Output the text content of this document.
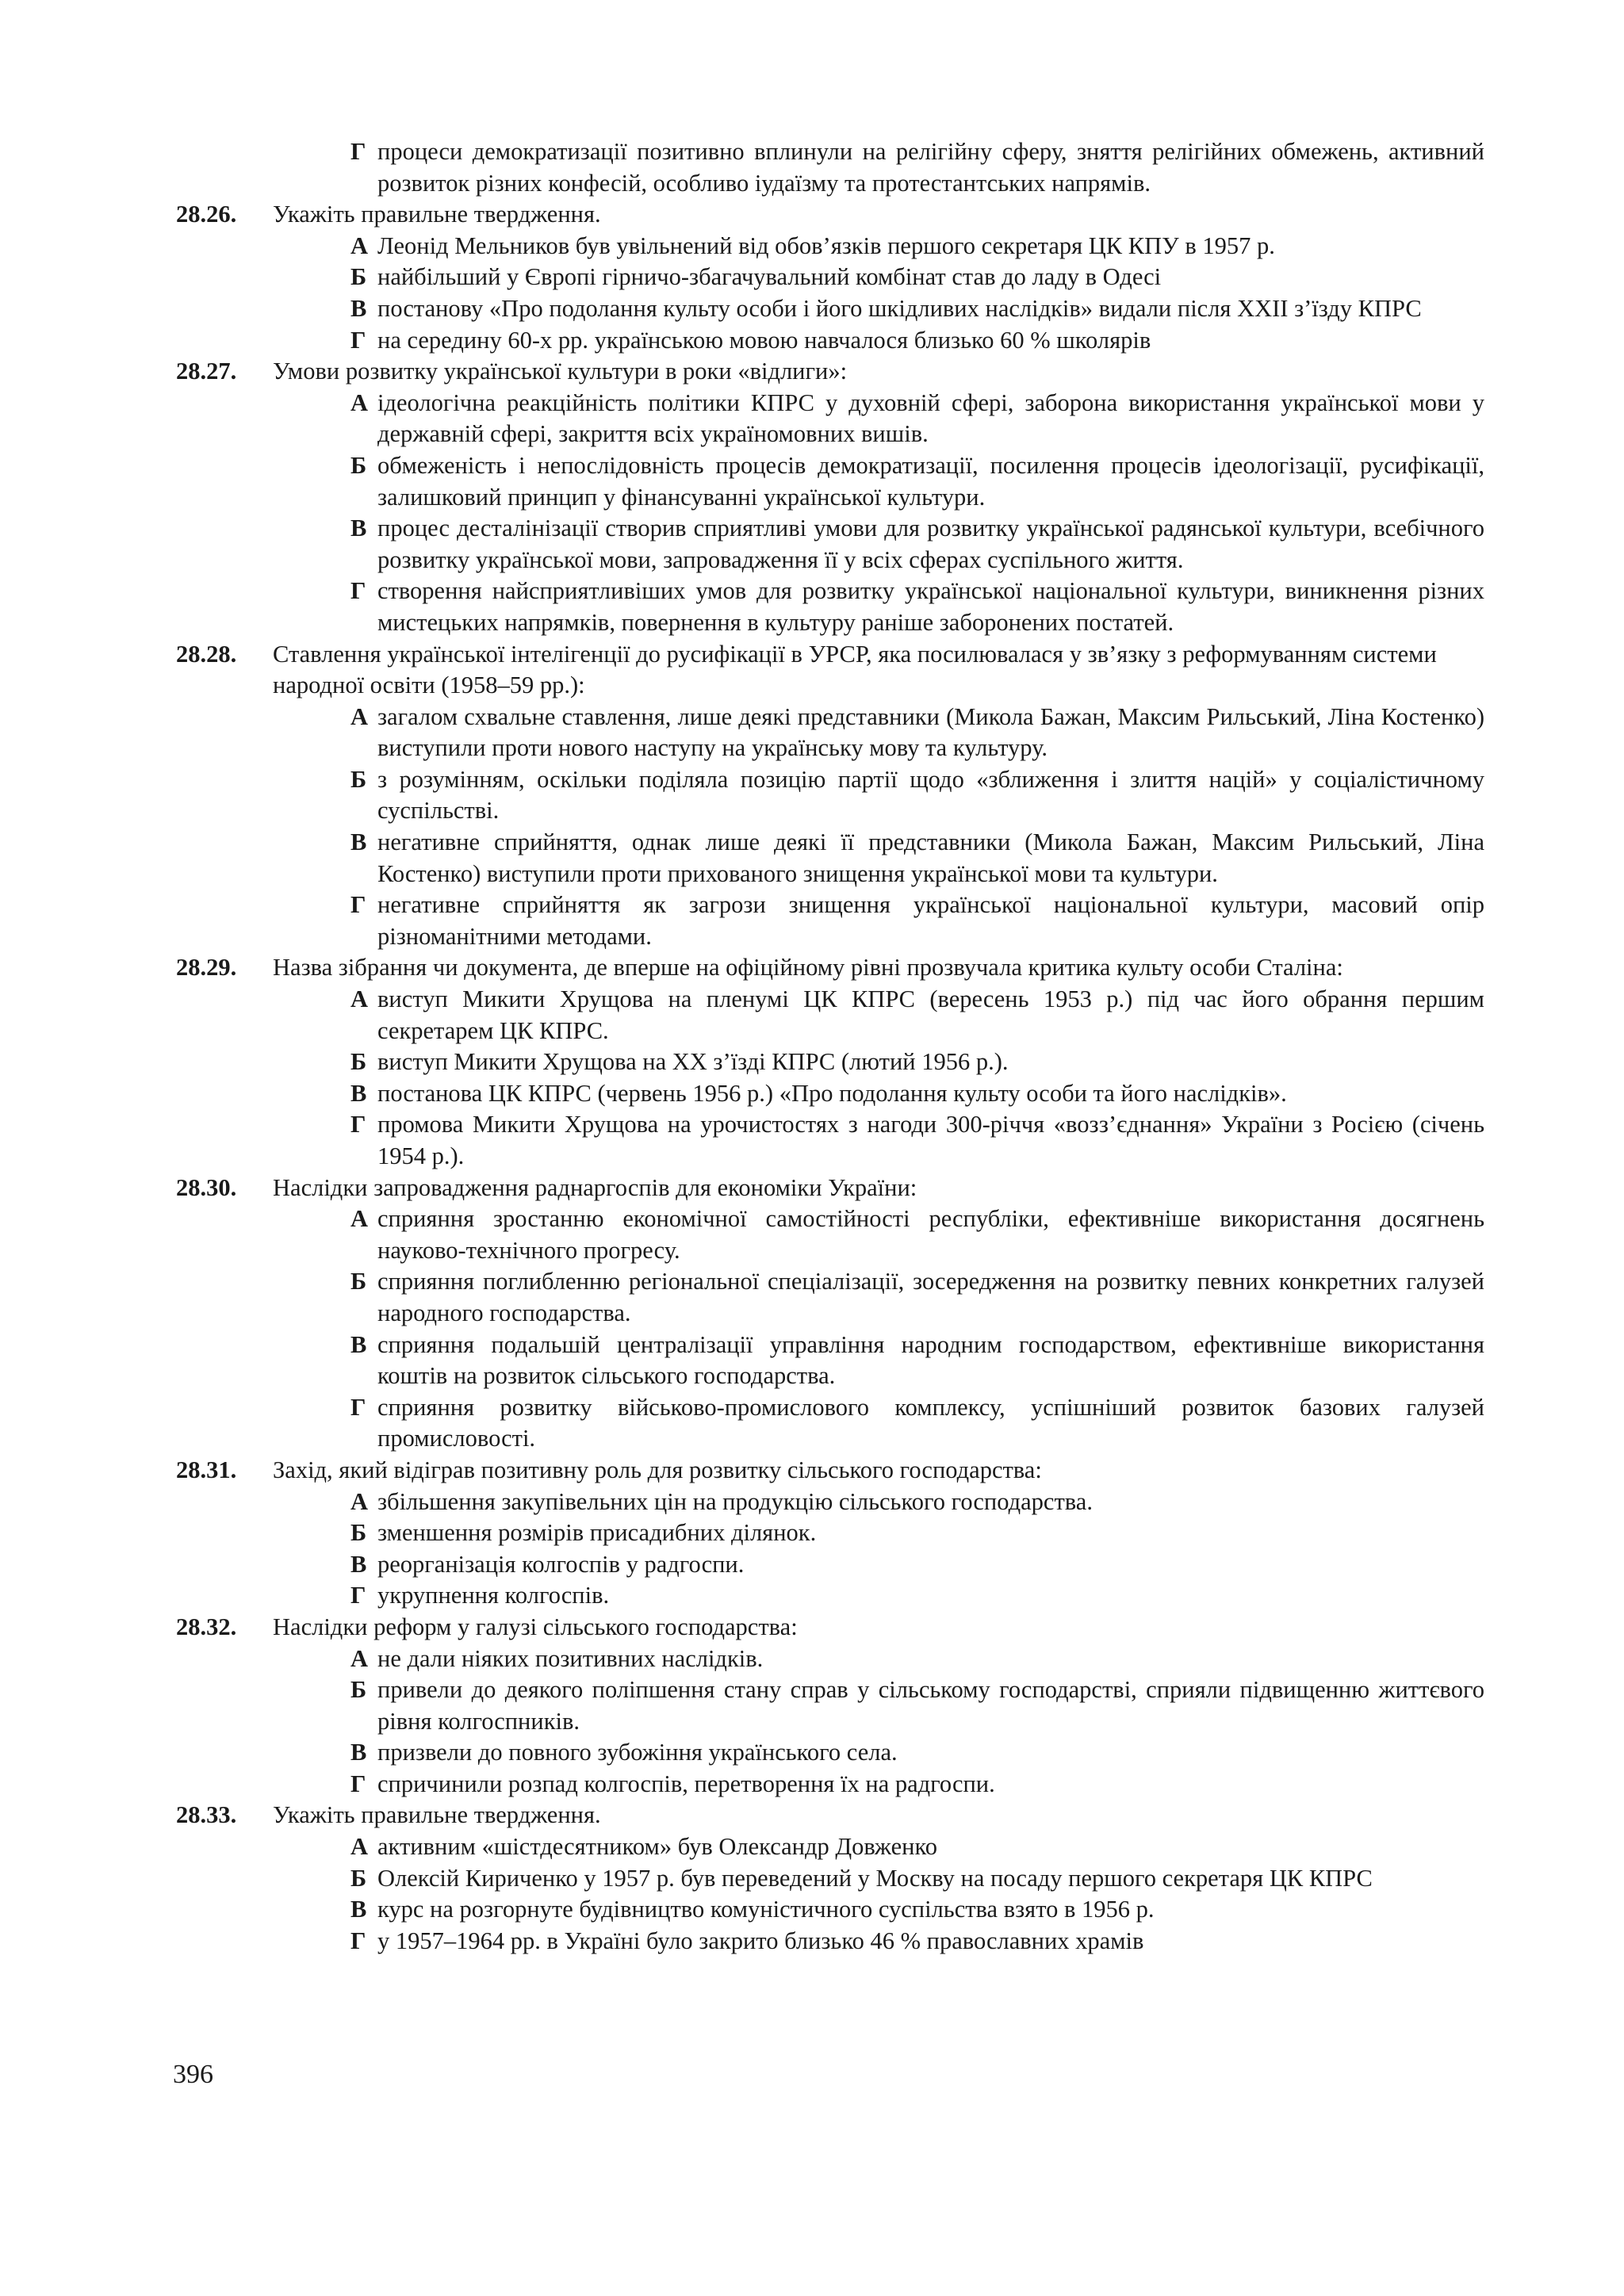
Г процеси демократизації позитивно вплинули на релігійну сферу, зняття релігійних обмежень, активний розвиток різних конфесій, особливо іудаїзму та протестантських напрямів.
28.26. Укажіть правильне твердження.
А Леонід Мельников був увільнений від обов’язків першого секретаря ЦК КПУ в 1957 р.
Б найбільший у Європі гірничо-збагачувальний комбінат став до ладу в Одесі
В постанову «Про подолання культу особи і його шкідливих наслідків» видали після XXII з’їзду КПРС
Г на середину 60-х рр. українською мовою навчалося близько 60 % школярів
28.27. Умови розвитку української культури в роки «відлиги»:
А ідеологічна реакційність політики КПРС у духовній сфері, заборона використання української мови у державній сфері, закриття всіх україномовних вишів.
Б обмеженість і непослідовність процесів демократизації, посилення процесів ідеологізації, русифікації, залишковий принцип у фінансуванні української культури.
В процес десталінізації створив сприятливі умови для розвитку української радянської культури, всебічного розвитку української мови, запровадження її у всіх сферах суспільного життя.
Г створення найсприятливіших умов для розвитку української національної культури, виникнення різних мистецьких напрямків, повернення в культуру раніше заборонених постатей.
28.28. Ставлення української інтелігенції до русифікації в УРСР, яка посилювалася у зв’язку з реформуванням системи народної освіти (1958–59 рр.):
А загалом схвальне ставлення, лише деякі представники (Микола Бажан, Максим Рильський, Ліна Костенко) виступили проти нового наступу на українську мову та культуру.
Б з розумінням, оскільки поділяла позицію партії щодо «зближення і злиття націй» у соціалістичному суспільстві.
В негативне сприйняття, однак лише деякі її представники (Микола Бажан, Максим Рильський, Ліна Костенко) виступили проти прихованого знищення української мови та культури.
Г негативне сприйняття як загрози знищення української національної культури, масовий опір різноманітними методами.
28.29. Назва зібрання чи документа, де вперше на офіційному рівні прозвучала критика культу особи Сталіна:
А виступ Микити Хрущова на пленумі ЦК КПРС (вересень 1953 р.) під час його обрання першим секретарем ЦК КПРС.
Б виступ Микити Хрущова на XX з’їзді КПРС (лютий 1956 р.).
В постанова ЦК КПРС (червень 1956 р.) «Про подолання культу особи та його наслідків».
Г промова Микити Хрущова на урочистостях з нагоди 300-річчя «возз’єднання» України з Росією (січень 1954 р.).
28.30. Наслідки запровадження раднаргоспів для економіки України:
А сприяння зростанню економічної самостійності республіки, ефективніше використання досягнень науково-технічного прогресу.
Б сприяння поглибленню регіональної спеціалізації, зосередження на розвитку певних конкретних галузей народного господарства.
В сприяння подальшій централізації управління народним господарством, ефективніше використання коштів на розвиток сільського господарства.
Г сприяння розвитку військово-промислового комплексу, успішніший розвиток базових галузей промисловості.
28.31. Захід, який відіграв позитивну роль для розвитку сільського господарства:
А збільшення закупівельних цін на продукцію сільського господарства.
Б зменшення розмірів присадибних ділянок.
В реорганізація колгоспів у радгоспи.
Г укрупнення колгоспів.
28.32. Наслідки реформ у галузі сільського господарства:
А не дали ніяких позитивних наслідків.
Б привели до деякого поліпшення стану справ у сільському господарстві, сприяли підвищенню життєвого рівня колгоспників.
В призвели до повного зубожіння українського села.
Г спричинили розпад колгоспів, перетворення їх на радгоспи.
28.33. Укажіть правильне твердження.
А активним «шістдесятником» був Олександр Довженко
Б Олексій Кириченко у 1957 р. був переведений у Москву на посаду першого секретаря ЦК КПРС
В курс на розгорнуте будівництво комуністичного суспільства взято в 1956 р.
Г у 1957–1964 рр. в Україні було закрито близько 46 % православних храмів
396
